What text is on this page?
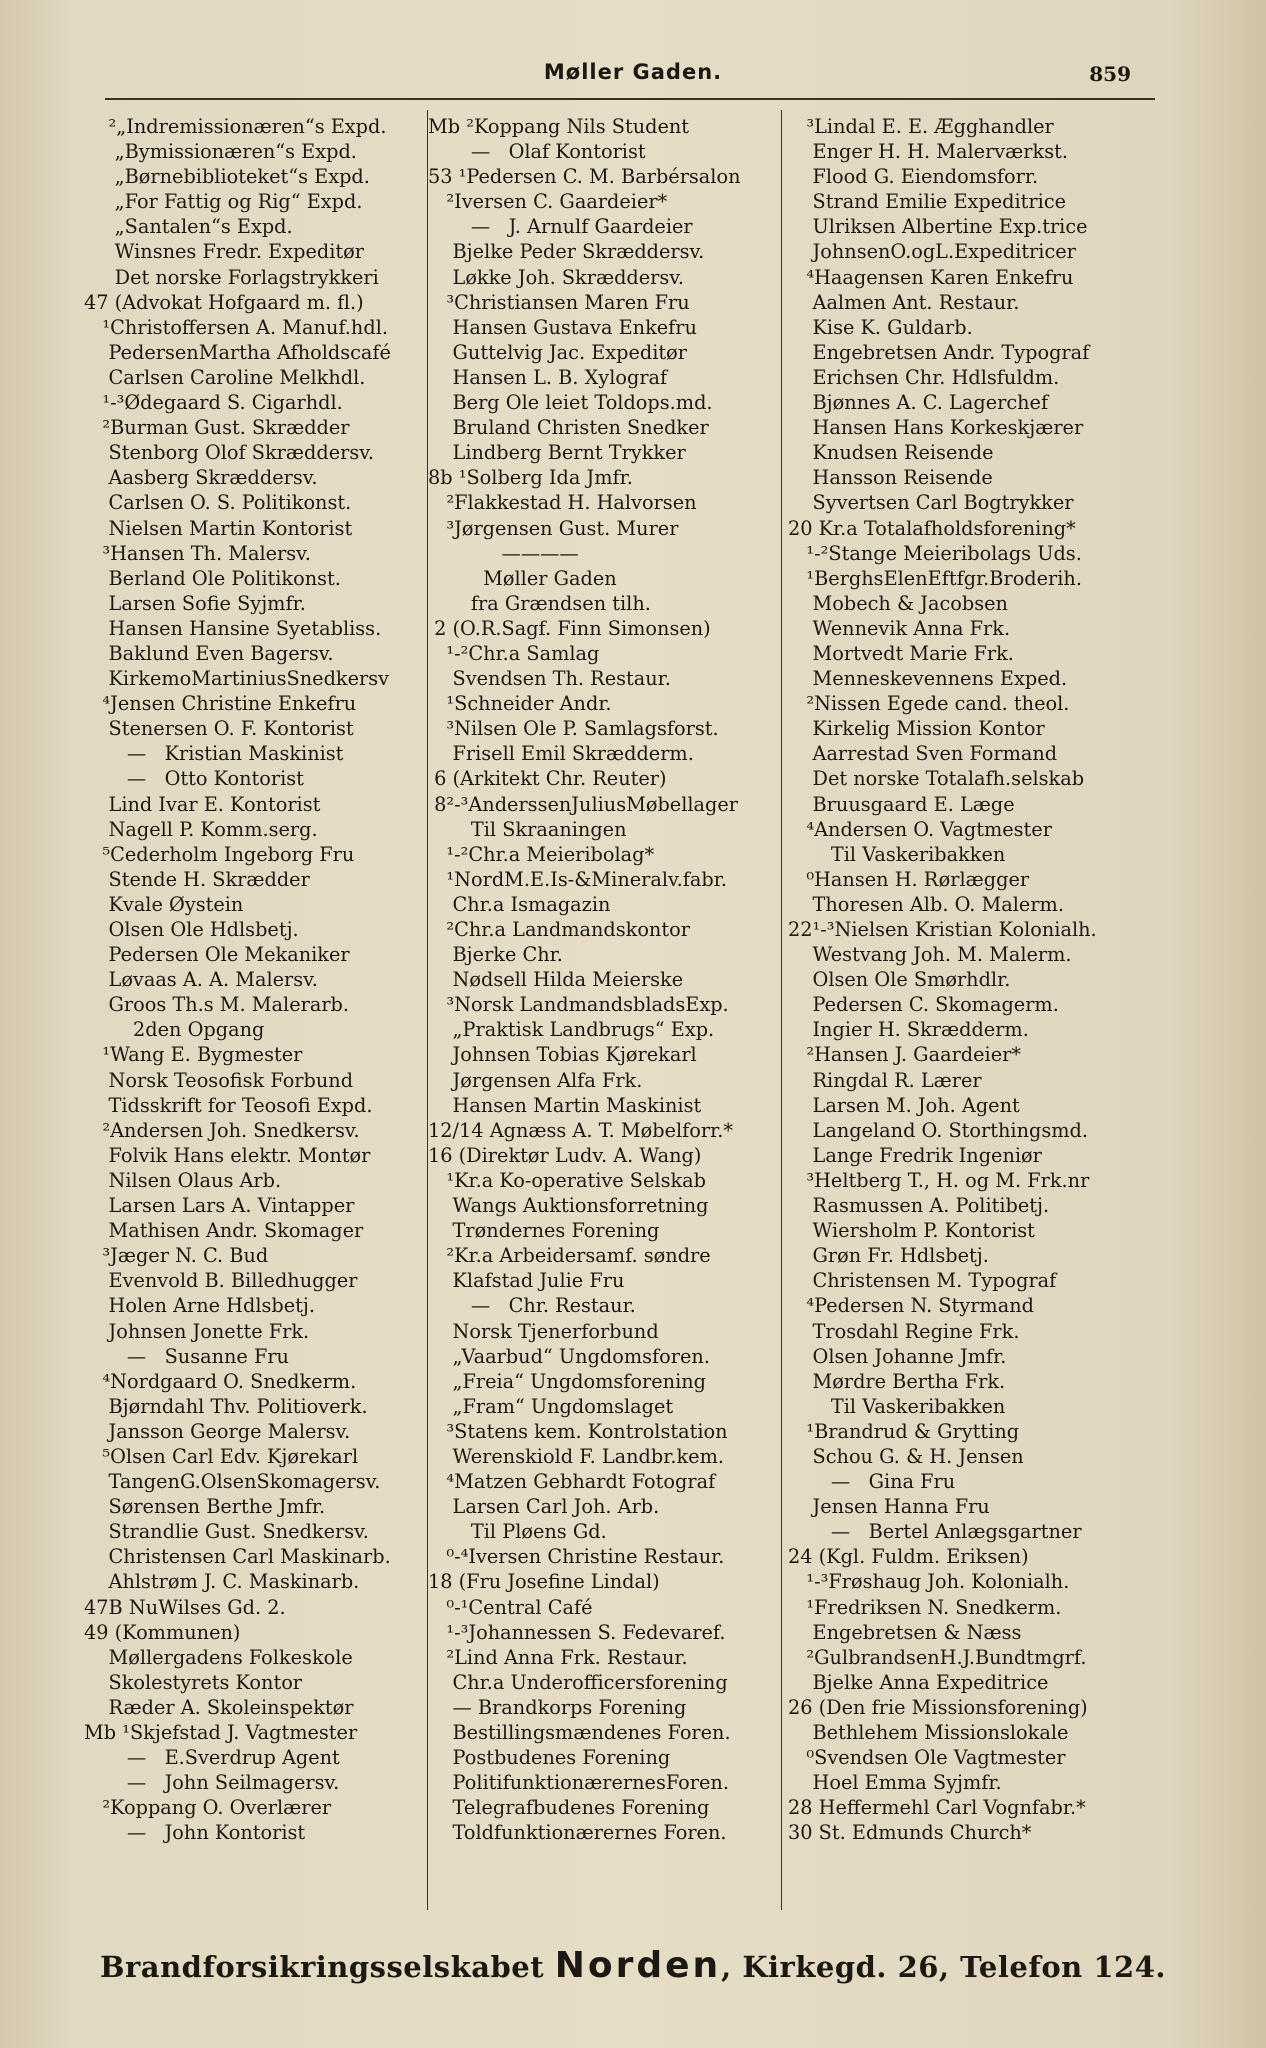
Møller Gaden.	859
²„Indremissionæren“s Expd.
„Bymissionæren“s Expd.
„Børnebiblioteket“s Expd.
„For Fattig og Rig“ Expd.
„Santalen“s Expd.
Winsnes Fredr. Expeditør
Det norske Forlagstrykkeri
47 (Advokat Hofgaard m. fl.)
¹Christoffersen A. Manuf.hdl.
PedersenMartha Afholdscafé
Carlsen Caroline Melkhdl.
¹-³Ødegaard S. Cigarhdl.
²Burman Gust. Skrædder
Stenborg Olof Skræddersv.
Aasberg Skræddersv.
Carlsen O. S. Politikonst.
Nielsen Martin Kontorist
³Hansen Th. Malersv.
Berland Ole Politikonst.
Larsen Sofie Syjmfr.
Hansen Hansine Syetabliss.
Baklund Even Bagersv.
KirkemoMartiniusSnedkersv
⁴Jensen Christine Enkefru
Stenersen O. F. Kontorist
—   Kristian Maskinist
—   Otto Kontorist
Lind Ivar E. Kontorist
Nagell P. Komm.serg.
⁵Cederholm Ingeborg Fru
Stende H. Skrædder
Kvale Øystein
Olsen Ole Hdlsbetj.
Pedersen Ole Mekaniker
Løvaas A. A. Malersv.
Groos Th.s M. Malerarb.
2den Opgang
¹Wang E. Bygmester
Norsk Teosofisk Forbund
Tidsskrift for Teosofi Expd.
²Andersen Joh. Snedkersv.
Folvik Hans elektr. Montør
Nilsen Olaus Arb.
Larsen Lars A. Vintapper
Mathisen Andr. Skomager
³Jæger N. C. Bud
Evenvold B. Billedhugger
Holen Arne Hdlsbetj.
Johnsen Jonette Frk.
—   Susanne Fru
⁴Nordgaard O. Snedkerm.
Bjørndahl Thv. Politioverk.
Jansson George Malersv.
⁵Olsen Carl Edv. Kjørekarl
TangenG.OlsenSkomagersv.
Sørensen Berthe Jmfr.
Strandlie Gust. Snedkersv.
Christensen Carl Maskinarb.
Ahlstrøm J. C. Maskinarb.
47B NuWilses Gd. 2.
49 (Kommunen)
Møllergadens Folkeskole
Skolestyrets Kontor
Ræder A. Skoleinspektør
Mb ¹Skjefstad J. Vagtmester
—   E.Sverdrup Agent
—   John Seilmagersv.
²Koppang O. Overlærer
—   John Kontorist
Mb ²Koppang Nils Student
—   Olaf Kontorist
53 ¹Pedersen C. M. Barbérsalon
²Iversen C. Gaardeier*
—   J. Arnulf Gaardeier
Bjelke Peder Skræddersv.
Løkke Joh. Skræddersv.
³Christiansen Maren Fru
Hansen Gustava Enkefru
Guttelvig Jac. Expeditør
Hansen L. B. Xylograf
Berg Ole leiet Toldops.md.
Bruland Christen Snedker
Lindberg Bernt Trykker
8b ¹Solberg Ida Jmfr.
²Flakkestad H. Halvorsen
³Jørgensen Gust. Murer
————
Møller Gaden
fra Grændsen tilh.
2 (O.R.Sagf. Finn Simonsen)
¹-²Chr.a Samlag
Svendsen Th. Restaur.
¹Schneider Andr.
³Nilsen Ole P. Samlagsforst.
Frisell Emil Skrædderm.
6 (Arkitekt Chr. Reuter)
8²-³AnderssenJuliusMøbellager
Til Skraaningen
¹-²Chr.a Meieribolag*
¹NordM.E.Is-&Mineralv.fabr.
Chr.a Ismagazin
²Chr.a Landmandskontor
Bjerke Chr.
Nødsell Hilda Meierske
³Norsk LandmandsbladsExp.
„Praktisk Landbrugs“ Exp.
Johnsen Tobias Kjørekarl
Jørgensen Alfa Frk.
Hansen Martin Maskinist
12/14 Agnæss A. T. Møbelforr.*
16 (Direktør Ludv. A. Wang)
¹Kr.a Ko-operative Selskab
Wangs Auktionsforretning
Trøndernes Forening
²Kr.a Arbeidersamf. søndre
Klafstad Julie Fru
—   Chr. Restaur.
Norsk Tjenerforbund
„Vaarbud“ Ungdomsforen.
„Freia“ Ungdomsforening
„Fram“ Ungdomslaget
³Statens kem. Kontrolstation
Werenskiold F. Landbr.kem.
⁴Matzen Gebhardt Fotograf
Larsen Carl Joh. Arb.
Til Pløens Gd.
⁰-⁴Iversen Christine Restaur.
18 (Fru Josefine Lindal)
⁰-¹Central Café
¹-³Johannessen S. Fedevaref.
²Lind Anna Frk. Restaur.
Chr.a Underofficersforening
— Brandkorps Forening
Bestillingsmændenes Foren.
Postbudenes Forening
PolitifunktionærernesForen.
Telegrafbudenes Forening
Toldfunktionærernes Foren.
³Lindal E. E. Ægghandler
Enger H. H. Malerværkst.
Flood G. Eiendomsforr.
Strand Emilie Expeditrice
Ulriksen Albertine Exp.trice
JohnsenO.ogL.Expeditricer
⁴Haagensen Karen Enkefru
Aalmen Ant. Restaur.
Kise K. Guldarb.
Engebretsen Andr. Typograf
Erichsen Chr. Hdlsfuldm.
Bjønnes A. C. Lagerchef
Hansen Hans Korkeskjærer
Knudsen Reisende
Hansson Reisende
Syvertsen Carl Bogtrykker
20 Kr.a Totalafholdsforening*
¹-²Stange Meieribolags Uds.
¹BerghsElenEftfgr.Broderih.
Mobech & Jacobsen
Wennevik Anna Frk.
Mortvedt Marie Frk.
Menneskevennens Exped.
²Nissen Egede cand. theol.
Kirkelig Mission Kontor
Aarrestad Sven Formand
Det norske Totalafh.selskab
Bruusgaard E. Læge
⁴Andersen O. Vagtmester
Til Vaskeribakken
⁰Hansen H. Rørlægger
Thoresen Alb. O. Malerm.
22¹-³Nielsen Kristian Kolonialh.
Westvang Joh. M. Malerm.
Olsen Ole Smørhdlr.
Pedersen C. Skomagerm.
Ingier H. Skrædderm.
²Hansen J. Gaardeier*
Ringdal R. Lærer
Larsen M. Joh. Agent
Langeland O. Storthingsmd.
Lange Fredrik Ingeniør
³Heltberg T., H. og M. Frk.nr
Rasmussen A. Politibetj.
Wiersholm P. Kontorist
Grøn Fr. Hdlsbetj.
Christensen M. Typograf
⁴Pedersen N. Styrmand
Trosdahl Regine Frk.
Olsen Johanne Jmfr.
Mørdre Bertha Frk.
Til Vaskeribakken
¹Brandrud & Grytting
Schou G. & H. Jensen
—   Gina Fru
Jensen Hanna Fru
—   Bertel Anlægsgartner
24 (Kgl. Fuldm. Eriksen)
¹-³Frøshaug Joh. Kolonialh.
¹Fredriksen N. Snedkerm.
Engebretsen & Næss
²GulbrandsenH.J.Bundtmgrf.
Bjelke Anna Expeditrice
26 (Den frie Missionsforening)
Bethlehem Missionslokale
⁰Svendsen Ole Vagtmester
Hoel Emma Syjmfr.
28 Heffermehl Carl Vognfabr.*
30 St. Edmunds Church*
Brandforsikringsselskabet Norden, Kirkegd. 26, Telefon 124.
